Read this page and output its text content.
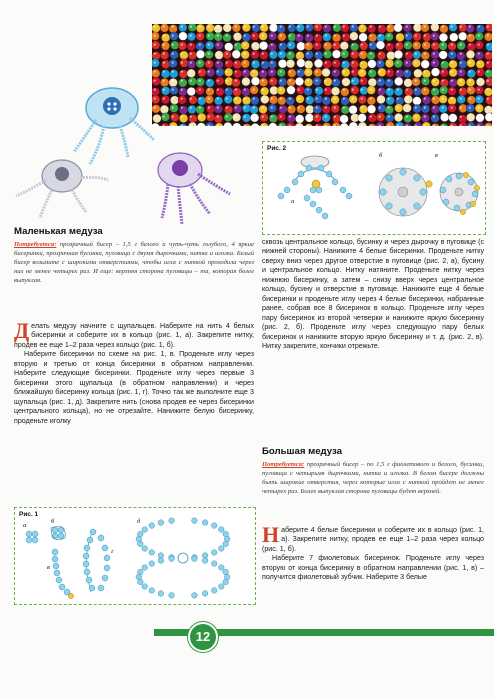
Маленькая медуза
Потребуется: прозрачный бисер – 1,5 г белого и чуть-чуть голубого, 4 яркие бисеринки, прозрачная бусинка, пуговица с двумя дырочками, нитка и иголка. Белый бисер возьмите с широкими отверстиями, чтобы игла с ниткой проходила через них не менее четырех раз. И еще: верхняя сторона пуговицы – та, которая более выпуклая.

Делать медузу начните с щупальцев. Наберите на нить 4 белых бисеринки и соберите их в кольцо (рис. 1, а). Закрепите нитку, продев ее еще 1–2 раза через кольцо (рис. 1, б).

Наберите бисеринки по схеме на рис. 1, в. Проденьте иглу через вторую и третью от конца бисеринки в обратном направлении. Наберите следующие бисеринки. Проденьте иглу через первые 3 бисеринки этого щупальца (в обратном направлении) и через ближайшую бисеринку кольца (рис. 1, г). Точно так же выполните еще 3 щупальца (рис. 1, д). Закрепите нить (снова продев ее через бисеринки центрального кольца), но не отрезайте. Нанижите белую бисеринку, проденьте иголку

Рис. 2
а
б	в

сквозь центральное кольцо, бусинку и через дырочку в пуговице (с нижней стороны). Нанижите 4 белые бисеринки. Проденьте нитку сверху вниз через другое отверстие в пуговице (рис. 2, а), бусину и центральное кольцо. Нитку натяните. Проденьте нитку через нижнюю бисеринку, а затем – снизу вверх через центральное кольцо, бусину и отверстие в пуговице. Нанижите еще 4 белые бисеринки и проденьте иглу через 4 белые бисеринки, набранные ранее, собрав все 8 бисеринок в кольцо. Проденьте иглу через пару бисеринок из второй четверки и нанижите яркую бисеринку (рис. 2, б). Проденьте иглу через следующую пару белых бисеринок и нанижите вторую яркую бисеринку и т. д. (рис. 2, в). Нитку закрепите, кончики отрежьте.

Большая медуза
Потребуется: прозрачный бисер – по 1,5 г фиолетового и белого, бусинки, пуговица с четырьмя дырочками, нитка и иголка. В белом бисере должны быть широкие отверстия, через которые игла с ниткой пройдет не менее четырех раз. Более выпуклая сторона пуговицы будет верхней.

Наберите 4 белые бисеринки и соберите их в кольцо (рис. 1, а). Закрепите нитку, продев ее еще 1–2 раза через кольцо (рис. 1, б).

Наберите 7 фиолетовых бисеринок. Проденьте иглу через вторую от конца бисеринку в обратном направлении (рис. 1, в) – получится фиолетовый зубчик. Наберите 3 белые

Рис. 1
а
б
в
г
д
12
